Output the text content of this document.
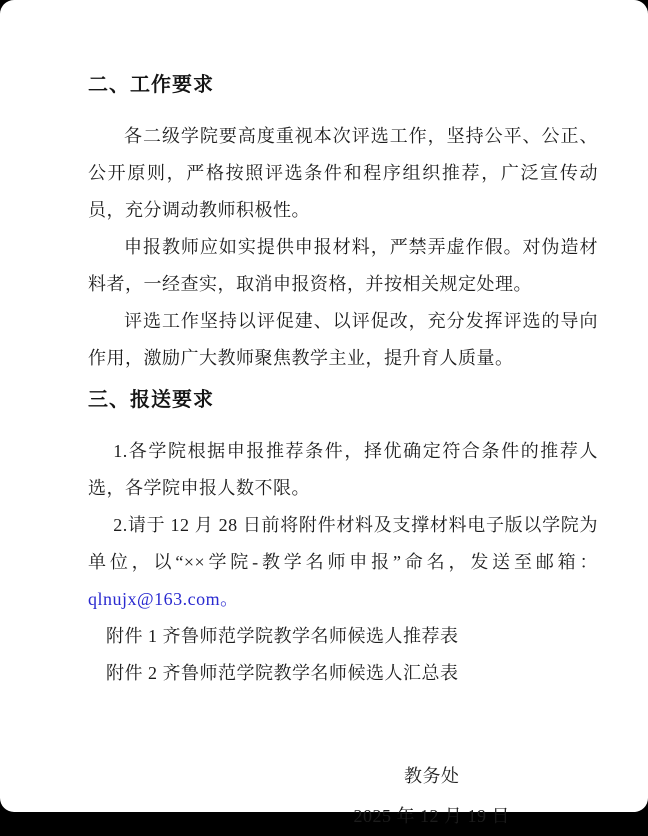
二、工作要求

各二级学院要高度重视本次评选工作，坚持公平、公正、公开原则，严格按照评选条件和程序组织推荐，广泛宣传动员，充分调动教师积极性。

申报教师应如实提供申报材料，严禁弄虚作假。对伪造材料者，一经查实，取消申报资格，并按相关规定处理。

评选工作坚持以评促建、以评促改，充分发挥评选的导向作用，激励广大教师聚焦教学主业，提升育人质量。

三、报送要求

1.各学院根据申报推荐条件，择优确定符合条件的推荐人选，各学院申报人数不限。

2.请于 12 月 28 日前将附件材料及支撑材料电子版以学院为单位，以“××学院-教学名师申报”命名，发送至邮箱：qlnujx@163.com。

附件 1 齐鲁师范学院教学名师候选人推荐表

附件 2 齐鲁师范学院教学名师候选人汇总表

教务处
2025 年 12 月 19 日
